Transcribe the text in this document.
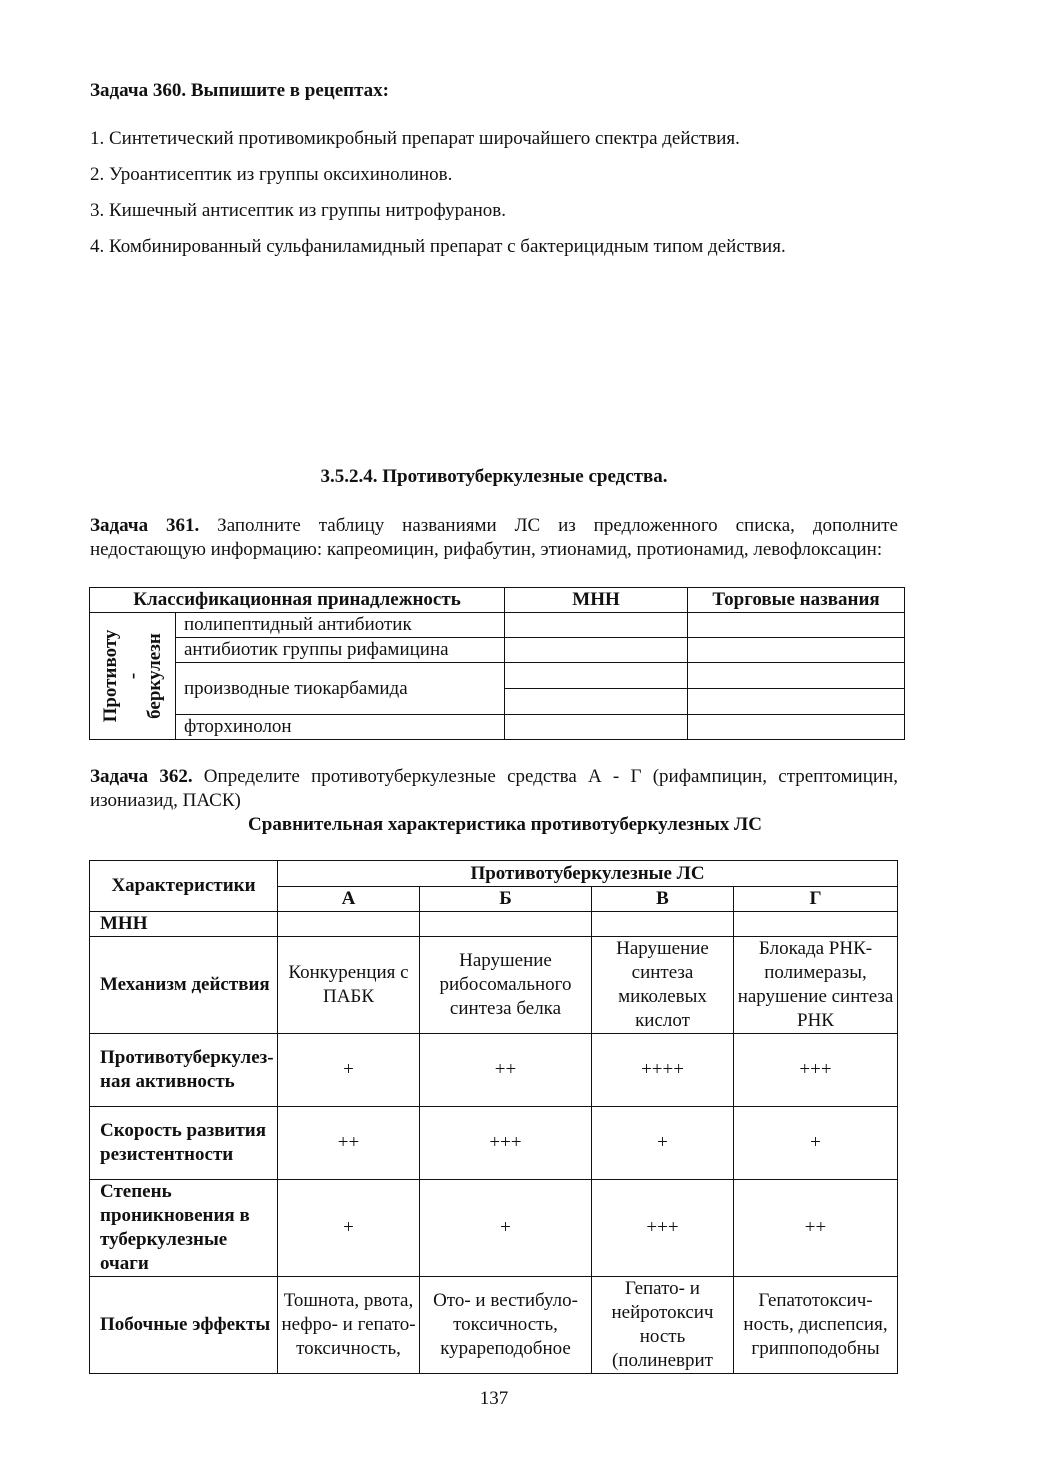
Задача 360. Выпишите в рецептах:
1. Синтетический противомикробный препарат широчайшего спектра действия.
2. Уроантисептик из группы оксихинолинов.
3. Кишечный антисептик из группы нитрофуранов.
4. Комбинированный сульфаниламидный препарат с бактерицидным типом действия.
3.5.2.4. Противотуберкулезные средства.
Задача 361. Заполните таблицу названиями ЛС из предложенного списка, дополните недостающую информацию: капреомицин, рифабутин, этионамид, протионамид, левофлоксацин:
Классификационная принадлежность		МНН	Торговые названия

Противоту
-
беркулезн	полипептидный антибиотик		
	антибиотик группы рифамицина		
	производные тиокарбамида		

	фторхинолон		
Задача 362. Определите противотуберкулезные средства А - Г (рифампицин, стрептомицин, изониазид, ПАСК)
Сравнительная характеристика противотуберкулезных ЛС
Характеристики	Противотуберкулезные ЛС			
	А	Б	В	Г
МНН				
Механизм действия	Конкуренция с ПАБК	Нарушение рибосомального синтеза белка	Нарушение синтеза миколевых кислот	Блокада РНК-полимеразы, нарушение синтеза РНК
Противотуберкулез-ная активность	+	++	++++	+++
Скорость развития резистентности	++	+++	+	+
Степень проникновения в туберкулезные очаги	+	+	+++	++
Побочные эффекты	Тошнота, рвота, нефро- и гепато-токсичность,	Ото- и вестибуло-токсичность, курареподобное	Гепато- и нейротоксич ность (полиневрит	Гепатотоксич-ность, диспепсия, гриппоподобны
137
